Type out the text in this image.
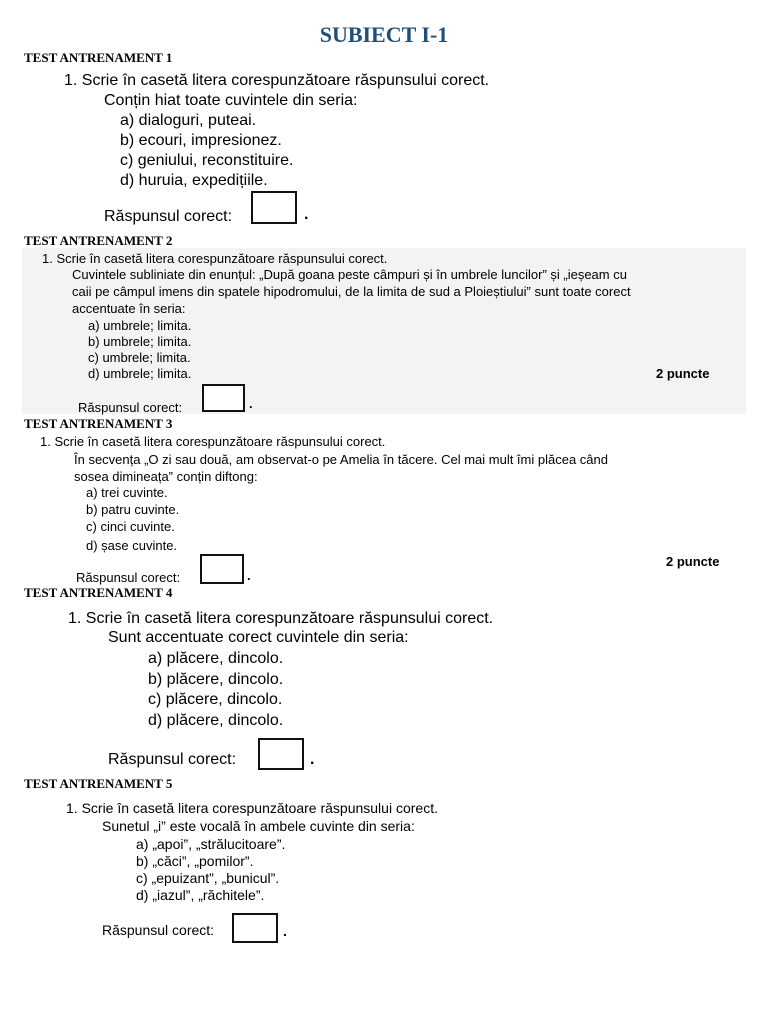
SUBIECT I-1
TEST ANTRENAMENT 1
1. Scrie în casetă litera corespunzătoare răspunsului corect.
Conțin hiat toate cuvintele din seria:
a) dialoguri, puteai.
b) ecouri, impresionez.
c) geniului, reconstituire.
d) huruia, expedițiile.
Răspunsul corect:	.
TEST ANTRENAMENT 2
1. Scrie în casetă litera corespunzătoare răspunsului corect.
Cuvintele subliniate din enunțul: „După goana peste câmpuri și în umbrele luncilor” și „ieșeam cu
caii pe câmpul imens din spatele hipodromului, de la limita de sud a Ploieștiului” sunt toate corect
accentuate în seria:
a) umbrele; limita.
b) umbrele; limita.
c) umbrele; limita.
d) umbrele; limita.	2 puncte
Răspunsul corect:	.
TEST ANTRENAMENT 3
1. Scrie în casetă litera corespunzătoare răspunsului corect.
În secvența „O zi sau două, am observat-o pe Amelia în tăcere. Cel mai mult îmi plăcea când
sosea dimineața” conțin diftong:
a) trei cuvinte.
b) patru cuvinte.
c) cinci cuvinte.
d) șase cuvinte.
2 puncte
Răspunsul corect:	.
TEST ANTRENAMENT 4
1. Scrie în casetă litera corespunzătoare răspunsului corect.
Sunt accentuate corect cuvintele din seria:
a) plăcere, dincolo.
b) plăcere, dincolo.
c) plăcere, dincolo.
d) plăcere, dincolo.
Răspunsul corect:	.
TEST ANTRENAMENT 5
1. Scrie în casetă litera corespunzătoare răspunsului corect.
Sunetul „i” este vocală în ambele cuvinte din seria:
a) „apoi”, „strălucitoare”.
b) „căci”, „pomilor”.
c) „epuizant”, „bunicul”.
d) „iazul”, „răchitele”.
Răspunsul corect:	.
